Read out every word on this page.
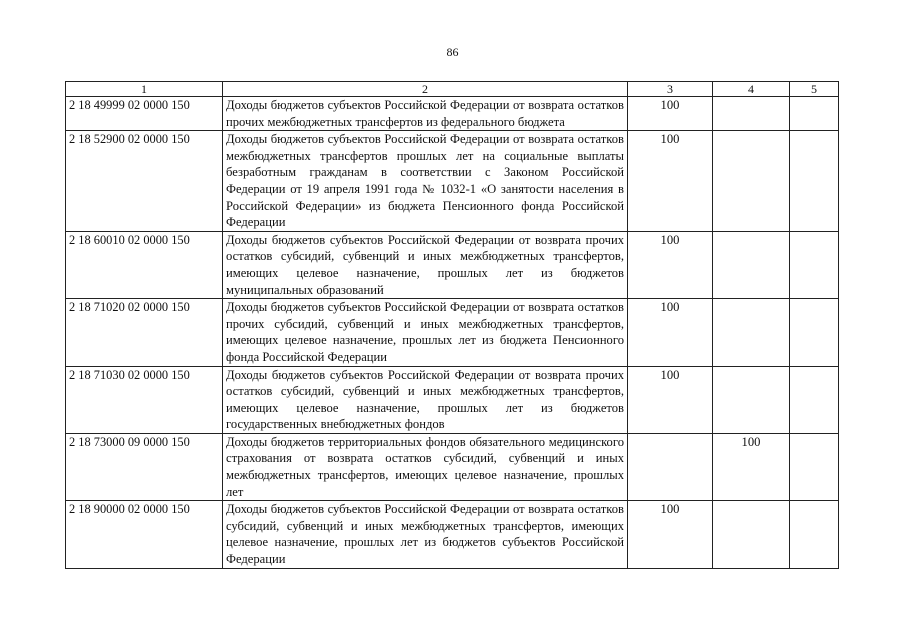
86
1	2	3	4	5
2 18 49999 02 0000 150	Доходы бюджетов субъектов Российской Федерации от возврата остатков прочих межбюджетных трансфертов из федерального бюджета	100		
2 18 52900 02 0000 150	Доходы бюджетов субъектов Российской Федерации от возврата остатков межбюджетных трансфертов прошлых лет на социальные выплаты безработным гражданам в соответствии с Законом Российской Федерации от 19 апреля 1991 года № 1032-1 «О занятости населения в Российской Федерации» из бюджета Пенсионного фонда Российской Федерации	100		
2 18 60010 02 0000 150	Доходы бюджетов субъектов Российской Федерации от возврата прочих остатков субсидий, субвенций и иных межбюджетных трансфертов, имеющих целевое назначение, прошлых лет из бюджетов муниципальных образований	100		
2 18 71020 02 0000 150	Доходы бюджетов субъектов Российской Федерации от возврата остатков прочих субсидий, субвенций и иных межбюджетных трансфертов, имеющих целевое назначение, прошлых лет из бюджета Пенсионного фонда Российской Федерации	100		
2 18 71030 02 0000 150	Доходы бюджетов субъектов Российской Федерации от возврата прочих остатков субсидий, субвенций и иных межбюджетных трансфертов, имеющих целевое назначение, прошлых лет из бюджетов государственных внебюджетных фондов	100		
2 18 73000 09 0000 150	Доходы бюджетов территориальных фондов обязательного медицинского страхования от возврата остатков субсидий, субвенций и иных межбюджетных трансфертов, имеющих целевое назначение, прошлых лет		100	
2 18 90000 02 0000 150	Доходы бюджетов субъектов Российской Федерации от возврата остатков субсидий, субвенций и иных межбюджетных трансфертов, имеющих целевое назначение, прошлых лет из бюджетов субъектов Российской Федерации	100		
